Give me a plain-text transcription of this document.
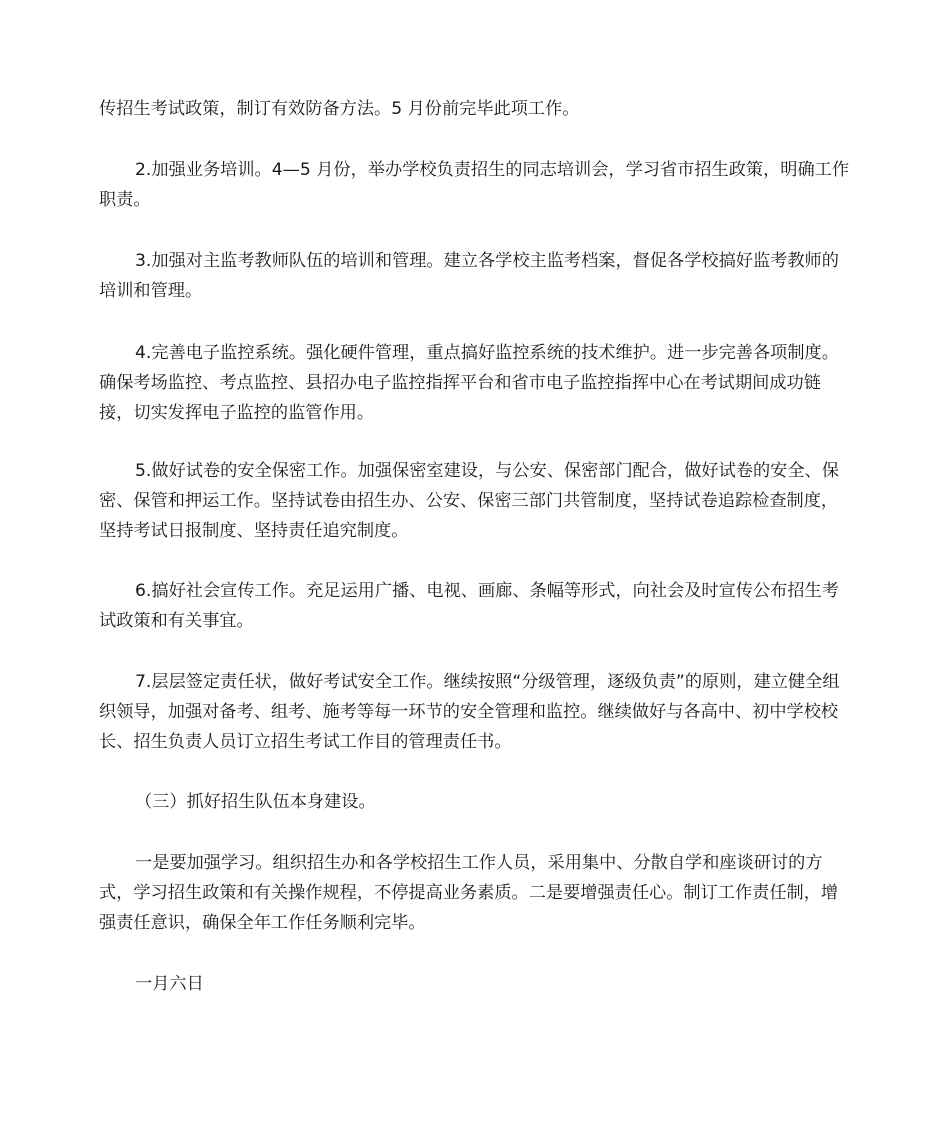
传招生考试政策，制订有效防备方法。5 月份前完毕此项工作。

2.加强业务培训。4—5 月份，举办学校负责招生的同志培训会，学习省市招生政策，明确工作职责。

3.加强对主监考教师队伍的培训和管理。建立各学校主监考档案，督促各学校搞好监考教师的培训和管理。

4.完善电子监控系统。强化硬件管理，重点搞好监控系统的技术维护。进一步完善各项制度。确保考场监控、考点监控、县招办电子监控指挥平台和省市电子监控指挥中心在考试期间成功链接，切实发挥电子监控的监管作用。

5.做好试卷的安全保密工作。加强保密室建设，与公安、保密部门配合，做好试卷的安全、保密、保管和押运工作。坚持试卷由招生办、公安、保密三部门共管制度，坚持试卷追踪检查制度，坚持考试日报制度、坚持责任追究制度。

6.搞好社会宣传工作。充足运用广播、电视、画廊、条幅等形式，向社会及时宣传公布招生考试政策和有关事宜。

7.层层签定责任状，做好考试安全工作。继续按照“分级管理，逐级负责”的原则，建立健全组织领导，加强对备考、组考、施考等每一环节的安全管理和监控。继续做好与各高中、初中学校校长、招生负责人员订立招生考试工作目的管理责任书。

（三）抓好招生队伍本身建设。

一是要加强学习。组织招生办和各学校招生工作人员，采用集中、分散自学和座谈研讨的方式，学习招生政策和有关操作规程，不停提高业务素质。二是要增强责任心。制订工作责任制，增强责任意识，确保全年工作任务顺利完毕。

一月六日
